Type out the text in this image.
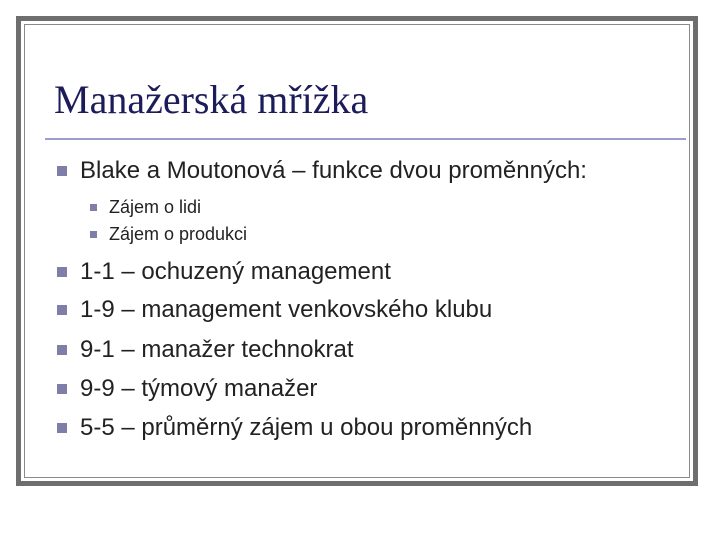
Manažerská mřížka
Blake a Moutonová – funkce dvou proměnných:
Zájem o lidi
Zájem o produkci
1-1 – ochuzený management
1-9 – management venkovského klubu
9-1 – manažer technokrat
9-9 – týmový manažer
5-5 – průměrný zájem u obou proměnných
